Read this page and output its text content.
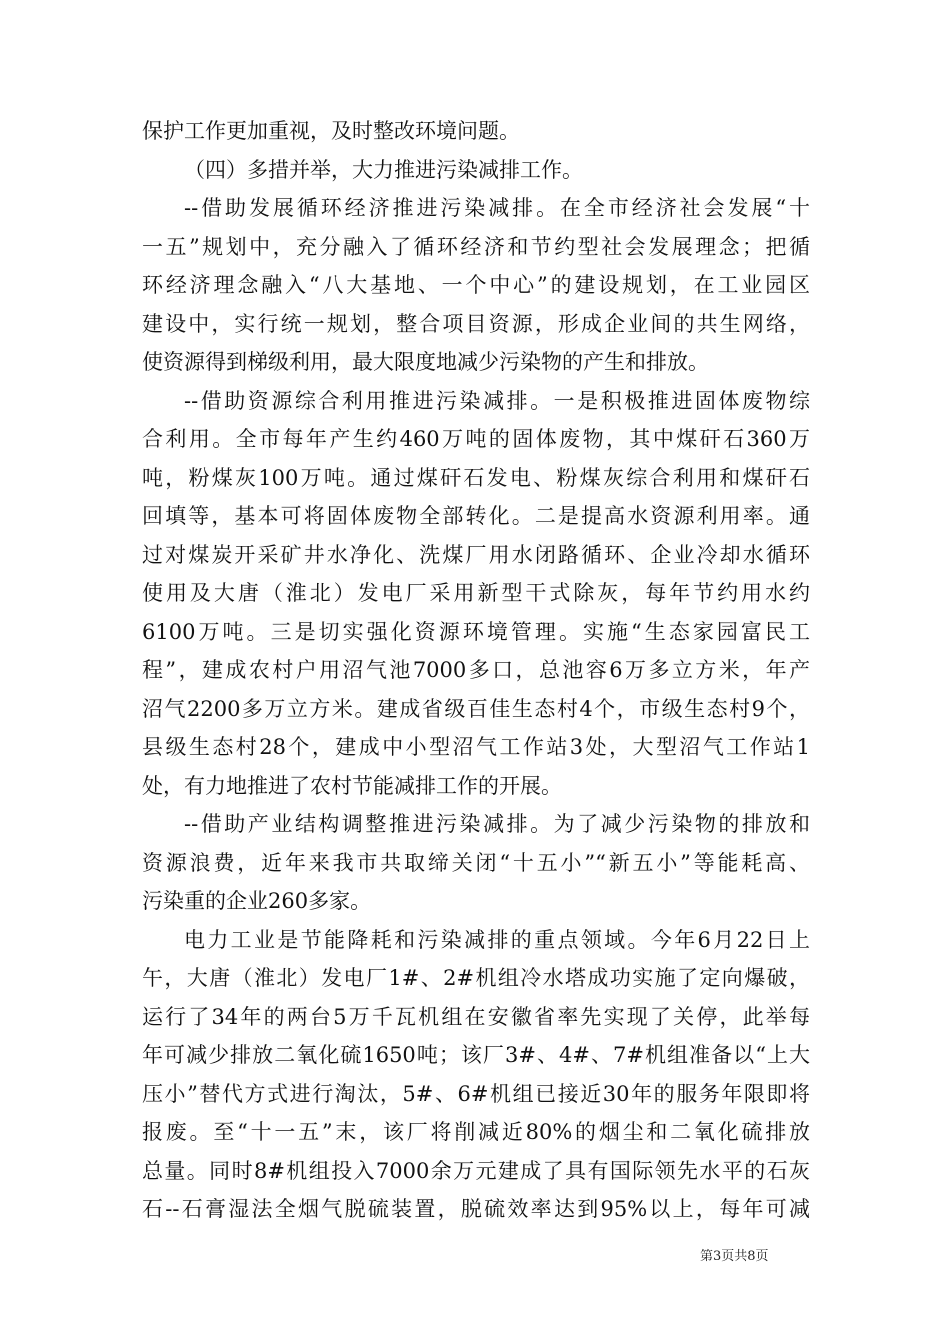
保护工作更加重视，及时整改环境问题。
（四）多措并举，大力推进污染减排工作。
--借助发展循环经济推进污染减排。在全市经济社会发展“十
一五”规划中，充分融入了循环经济和节约型社会发展理念；把循
环经济理念融入“八大基地、一个中心”的建设规划，在工业园区
建设中，实行统一规划，整合项目资源，形成企业间的共生网络，
使资源得到梯级利用，最大限度地减少污染物的产生和排放。
--借助资源综合利用推进污染减排。一是积极推进固体废物综
合利用。全市每年产生约460万吨的固体废物，其中煤矸石360万
吨，粉煤灰100万吨。通过煤矸石发电、粉煤灰综合利用和煤矸石
回填等，基本可将固体废物全部转化。二是提高水资源利用率。通
过对煤炭开采矿井水净化、洗煤厂用水闭路循环、企业冷却水循环
使用及大唐（淮北）发电厂采用新型干式除灰，每年节约用水约
6100万吨。三是切实强化资源环境管理。实施“生态家园富民工
程”，建成农村户用沼气池7000多口，总池容6万多立方米，年产
沼气2200多万立方米。建成省级百佳生态村4个，市级生态村9个，
县级生态村28个，建成中小型沼气工作站3处，大型沼气工作站1
处，有力地推进了农村节能减排工作的开展。
--借助产业结构调整推进污染减排。为了减少污染物的排放和
资源浪费，近年来我市共取缔关闭“十五小”“新五小”等能耗高、
污染重的企业260多家。
电力工业是节能降耗和污染减排的重点领域。今年6月22日上
午，大唐（淮北）发电厂1#、2#机组冷水塔成功实施了定向爆破，
运行了34年的两台5万千瓦机组在安徽省率先实现了关停，此举每
年可减少排放二氧化硫1650吨；该厂3#、4#、7#机组准备以“上大
压小”替代方式进行淘汰，5#、6#机组已接近30年的服务年限即将
报废。至“十一五”末，该厂将削减近80%的烟尘和二氧化硫排放
总量。同时8#机组投入7000余万元建成了具有国际领先水平的石灰
石--石膏湿法全烟气脱硫装置，脱硫效率达到95%以上，每年可减
第3页共8页
